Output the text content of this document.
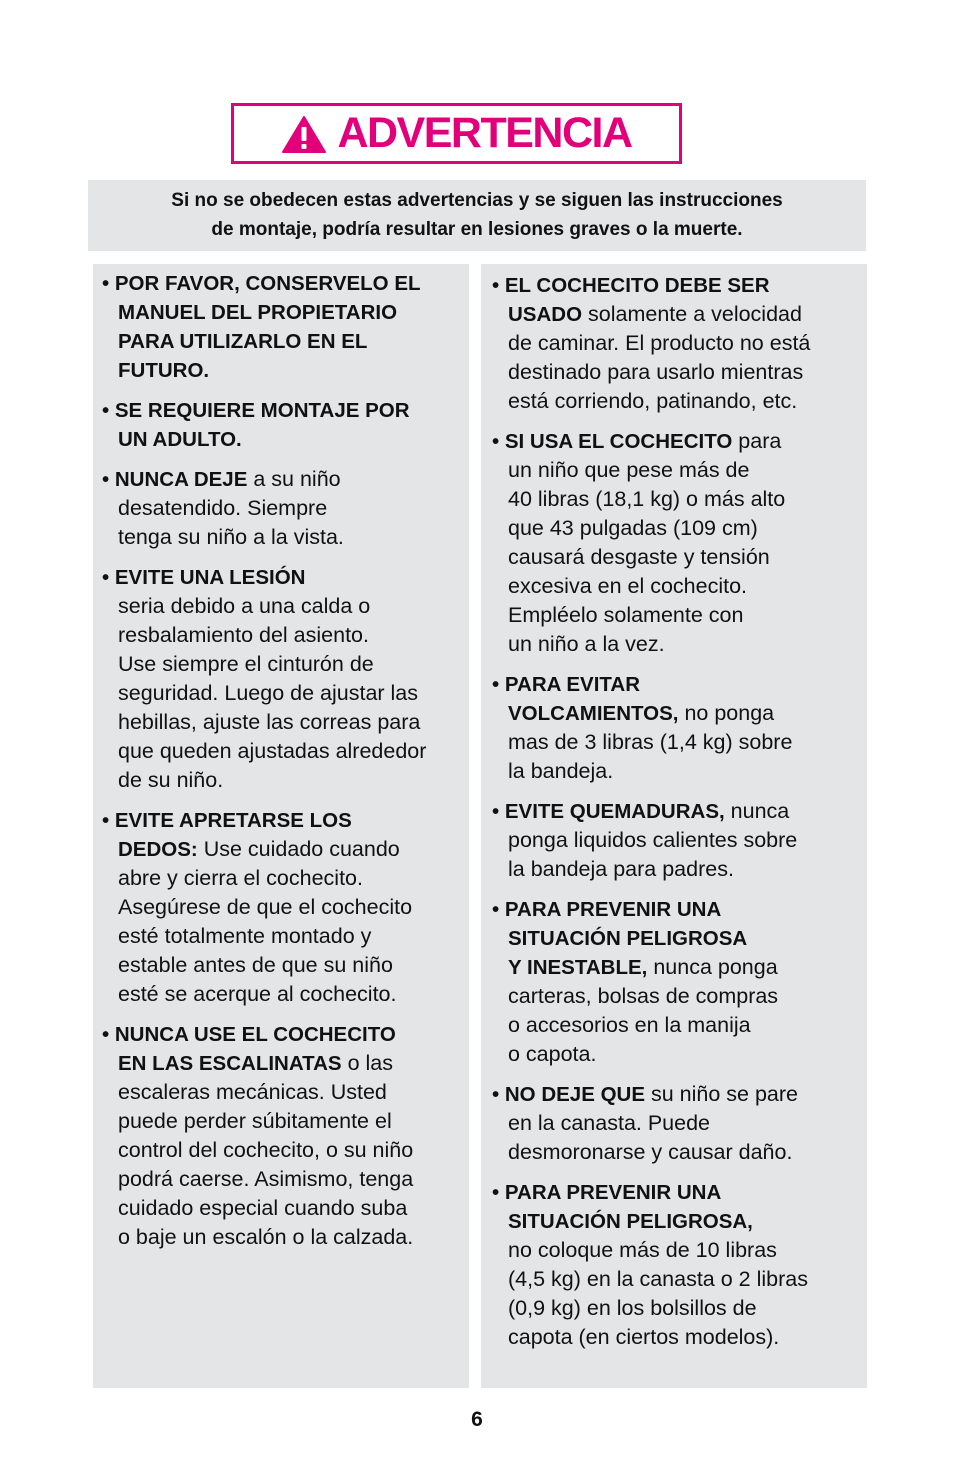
ADVERTENCIA
Si no se obedecen estas advertencias y se siguen las instrucciones
de montaje, podría resultar en lesiones graves o la muerte.
• POR FAVOR, CONSERVELO EL
MANUEL DEL PROPIETARIO
PARA UTILIZARLO EN EL
FUTURO.
• SE REQUIERE MONTAJE POR
UN ADULTO.
• NUNCA DEJE a su niño
desatendido. Siempre
tenga su niño a la vista.
• EVITE UNA LESIÓN
seria debido a una calda o
resbalamiento del asiento.
Use siempre el cinturón de
seguridad. Luego de ajustar las
hebillas, ajuste las correas para
que queden ajustadas alrededor
de su niño.
• EVITE APRETARSE LOS
DEDOS: Use cuidado cuando
abre y cierra el cochecito.
Asegúrese de que el cochecito
esté totalmente montado y
estable antes de que su niño
esté se acerque al cochecito.
• NUNCA USE EL COCHECITO
EN LAS ESCALINATAS o las
escaleras mecánicas. Usted
puede perder súbitamente el
control del cochecito, o su niño
podrá caerse. Asimismo, tenga
cuidado especial cuando suba
o baje un escalón o la calzada.
• EL COCHECITO DEBE SER
USADO solamente a velocidad
de caminar. El producto no está
destinado para usarlo mientras
está corriendo, patinando, etc.
• SI USA EL COCHECITO para
un niño que pese más de
40 libras (18,1 kg) o más alto
que 43 pulgadas (109 cm)
causará desgaste y tensión
excesiva en el cochecito.
Empléelo solamente con
un niño a la vez.
• PARA EVITAR
VOLCAMIENTOS, no ponga
mas de 3 libras (1,4 kg) sobre
la bandeja.
• EVITE QUEMADURAS, nunca
ponga liquidos calientes sobre
la bandeja para padres.
• PARA PREVENIR UNA
SITUACIÓN PELIGROSA
Y INESTABLE, nunca ponga
carteras, bolsas de compras
o accesorios en la manija
o capota.
• NO DEJE QUE su niño se pare
en la canasta. Puede
desmoronarse y causar daño.
• PARA PREVENIR UNA
SITUACIÓN PELIGROSA,
no coloque más de 10 libras
(4,5 kg) en la canasta o 2 libras
(0,9 kg) en los bolsillos de
capota (en ciertos modelos).
6
